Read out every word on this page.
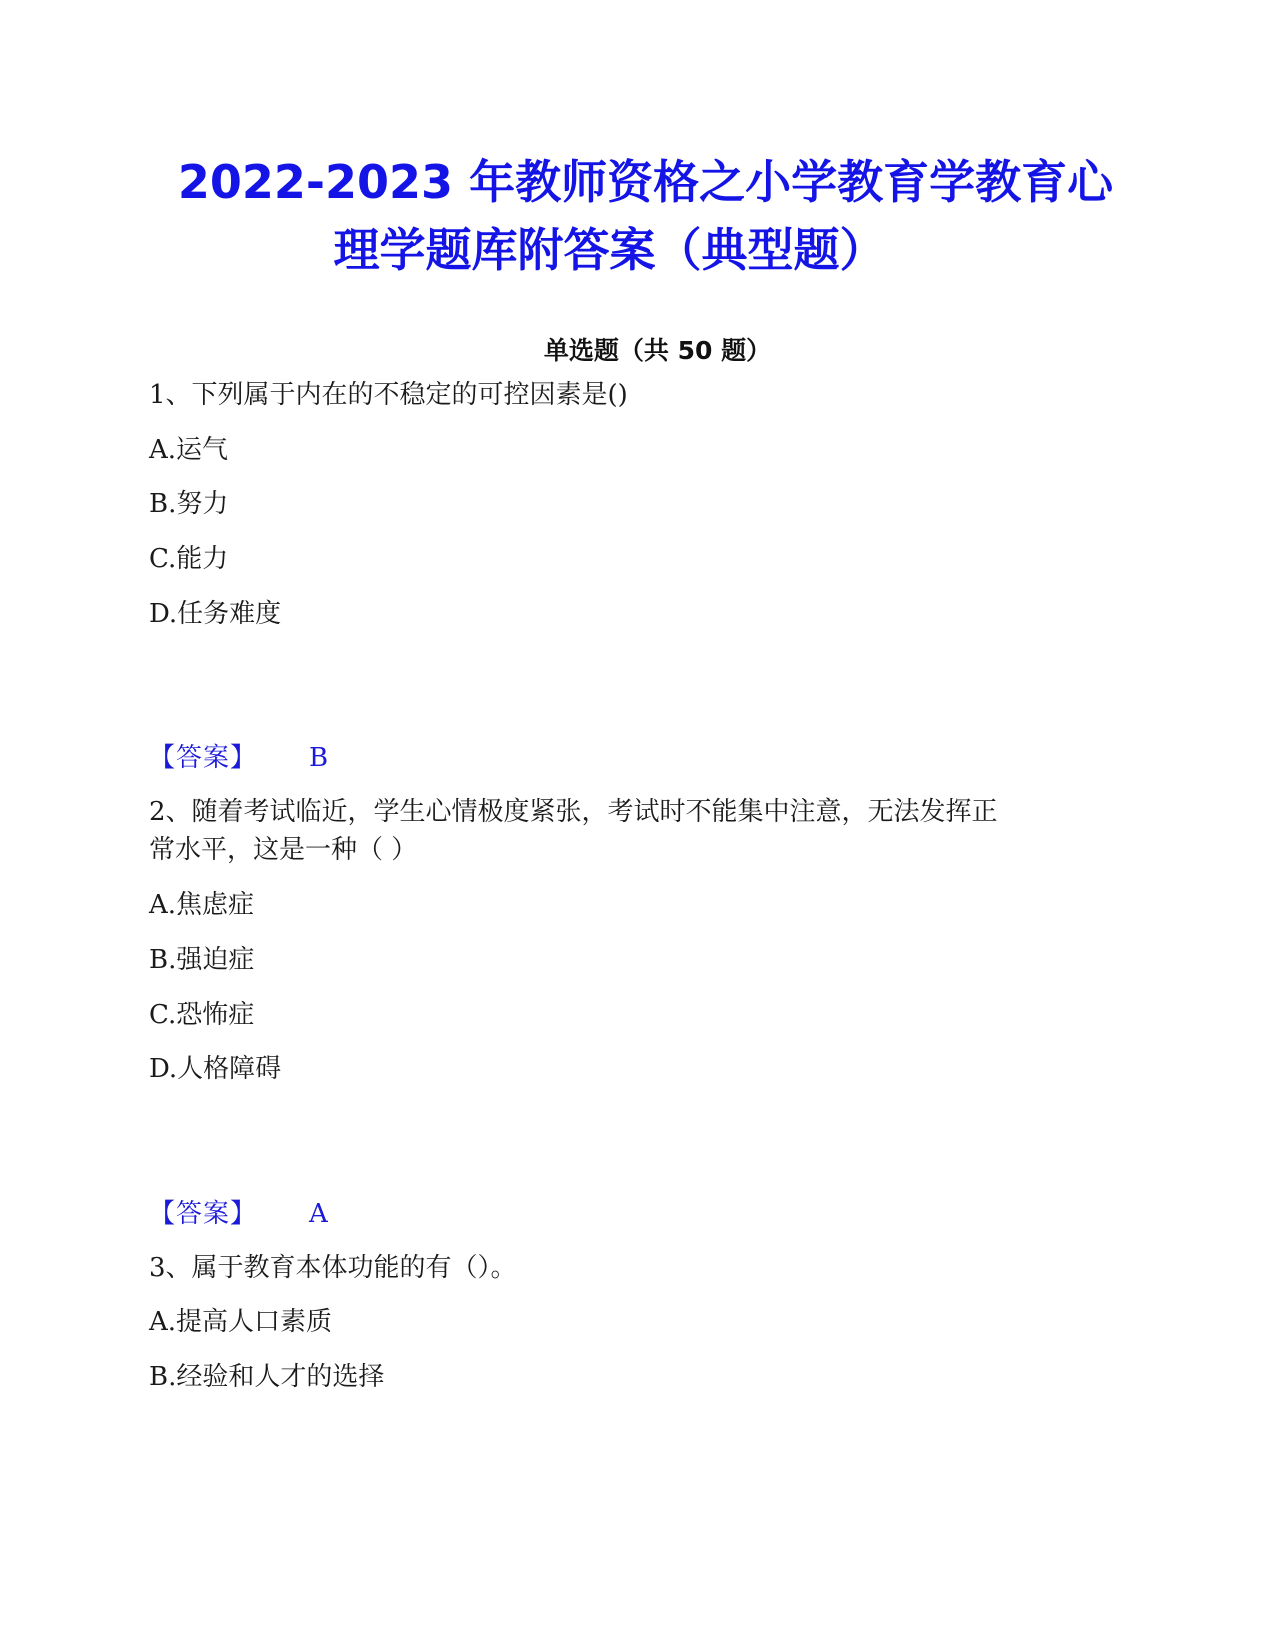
2022-2023 年教师资格之小学教育学教育心
理学题库附答案（典型题）
单选题（共 50 题）
1、下列属于内在的不稳定的可控因素是()
A.运气
B.努力
C.能力
D.任务难度
【答案】 B
2、随着考试临近，学生心情极度紧张，考试时不能集中注意，无法发挥正
常水平，这是一种（ ）
A.焦虑症
B.强迫症
C.恐怖症
D.人格障碍
【答案】 A
3、属于教育本体功能的有（）。
A.提高人口素质
B.经验和人才的选择
